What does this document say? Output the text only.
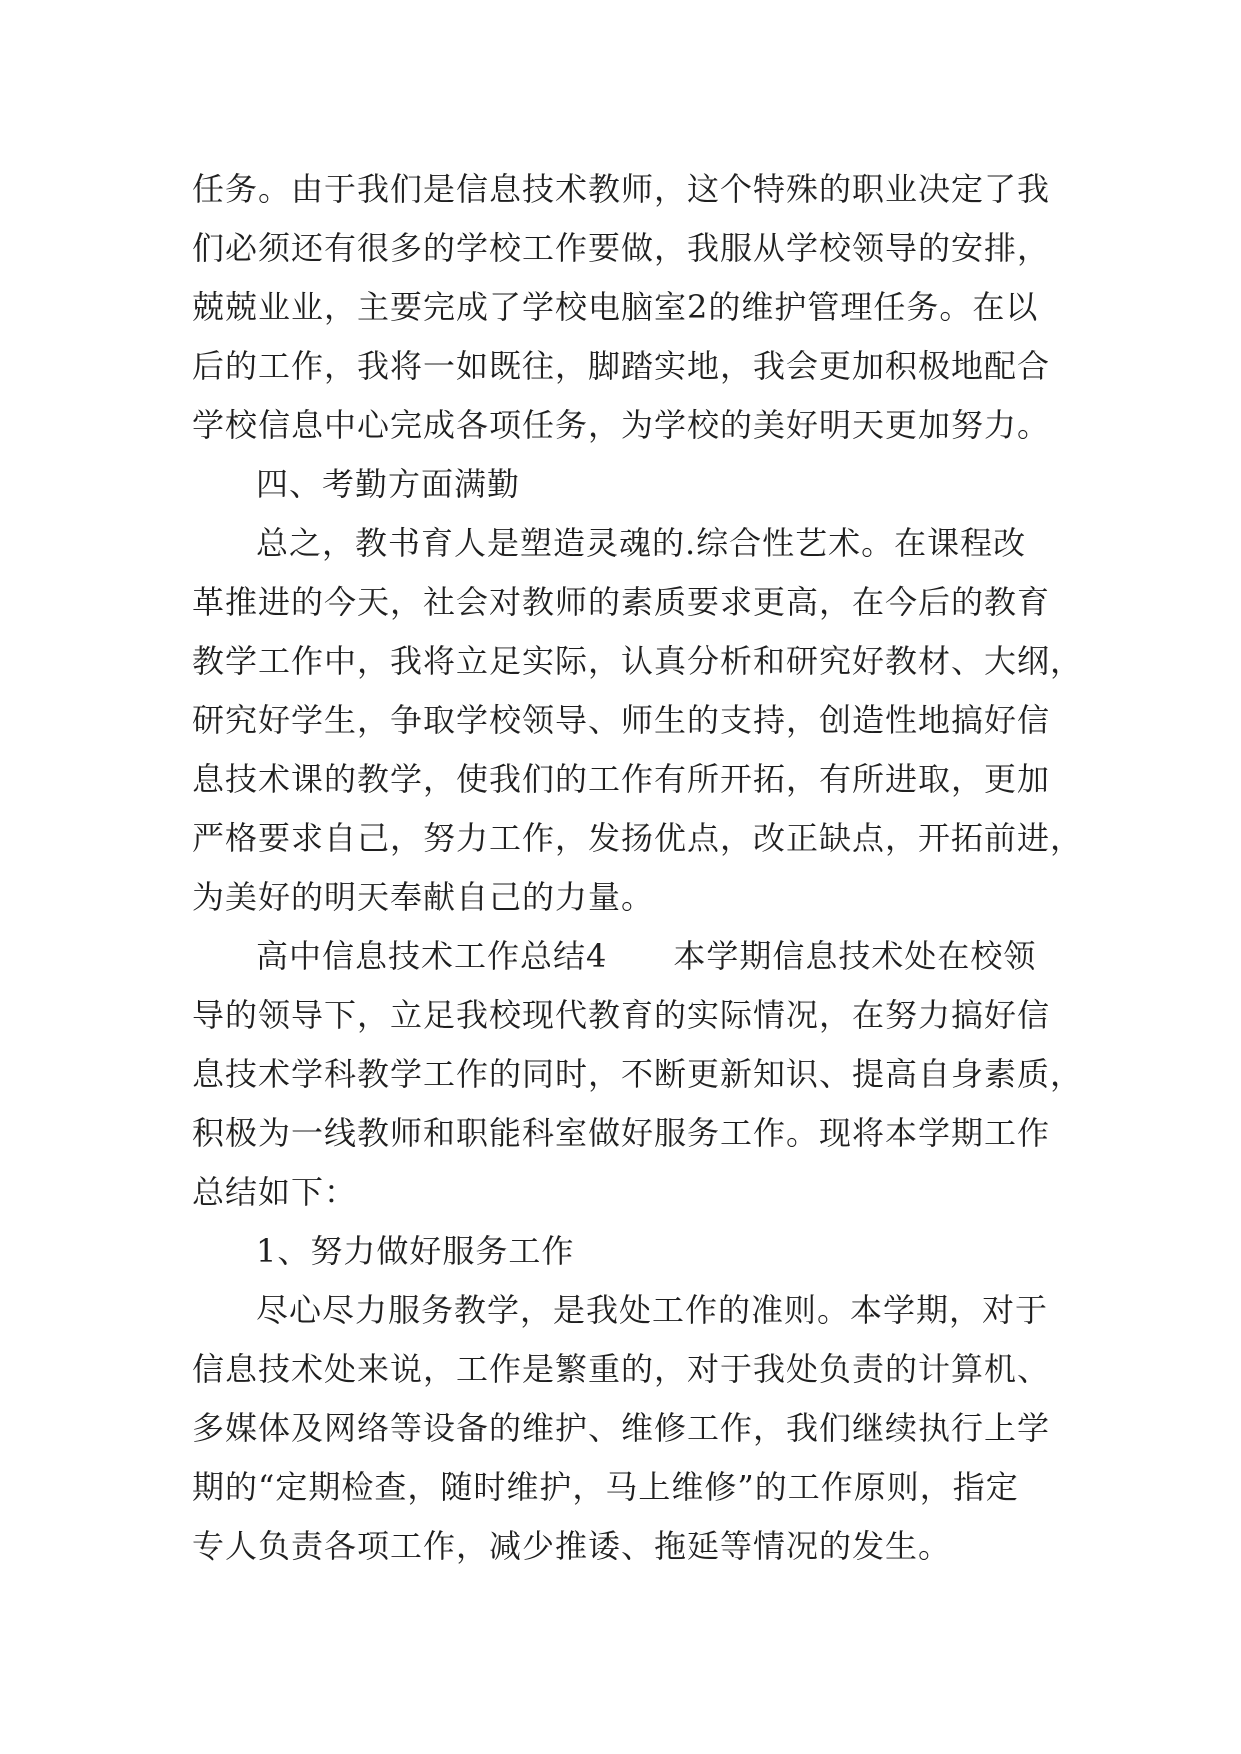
任务。由于我们是信息技术教师，这个特殊的职业决定了我
们必须还有很多的学校工作要做，我服从学校领导的安排，
兢兢业业，主要完成了学校电脑室2的维护管理任务。在以
后的工作，我将一如既往，脚踏实地，我会更加积极地配合
学校信息中心完成各项任务，为学校的美好明天更加努力。
四、考勤方面满勤
总之，教书育人是塑造灵魂的.综合性艺术。在课程改
革推进的今天，社会对教师的素质要求更高，在今后的教育
教学工作中，我将立足实际，认真分析和研究好教材、大纲，
研究好学生，争取学校领导、师生的支持，创造性地搞好信
息技术课的教学，使我们的工作有所开拓，有所进取，更加
严格要求自己，努力工作，发扬优点，改正缺点，开拓前进，
为美好的明天奉献自己的力量。
高中信息技术工作总结4　　本学期信息技术处在校领
导的领导下，立足我校现代教育的实际情况，在努力搞好信
息技术学科教学工作的同时，不断更新知识、提高自身素质，
积极为一线教师和职能科室做好服务工作。现将本学期工作
总结如下：
1、努力做好服务工作
尽心尽力服务教学，是我处工作的准则。本学期，对于
信息技术处来说，工作是繁重的，对于我处负责的计算机、
多媒体及网络等设备的维护、维修工作，我们继续执行上学
期的“定期检查，随时维护，马上维修”的工作原则，指定
专人负责各项工作，减少推诿、拖延等情况的发生。
